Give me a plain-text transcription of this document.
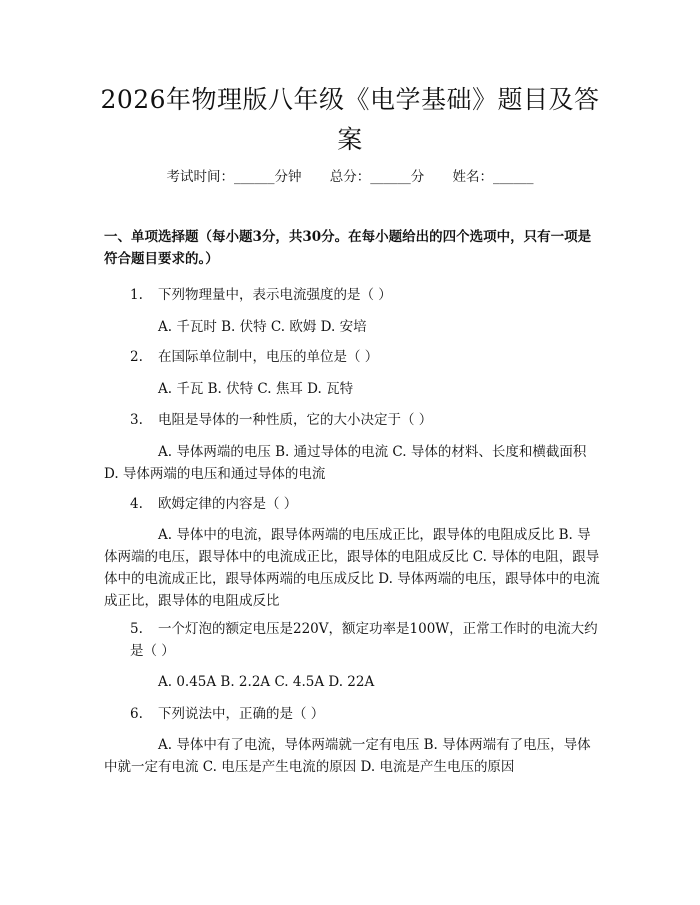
2026年物理版八年级《电学基础》题目及答案
考试时间：______分钟 总分：______分 姓名：______
一、单项选择题（每小题3分，共30分。在每小题给出的四个选项中，只有一项是符合题目要求的。）
1. 下列物理量中，表示电流强度的是（ ）
A. 千瓦时 B. 伏特 C. 欧姆 D. 安培
2. 在国际单位制中，电压的单位是（ ）
A. 千瓦 B. 伏特 C. 焦耳 D. 瓦特
3. 电阻是导体的一种性质，它的大小决定于（ ）
A. 导体两端的电压 B. 通过导体的电流 C. 导体的材料、长度和横截面积 D. 导体两端的电压和通过导体的电流
4. 欧姆定律的内容是（ ）
A. 导体中的电流，跟导体两端的电压成正比，跟导体的电阻成反比 B. 导体两端的电压，跟导体中的电流成正比，跟导体的电阻成反比 C. 导体的电阻，跟导体中的电流成正比，跟导体两端的电压成反比 D. 导体两端的电压，跟导体中的电流成正比，跟导体的电阻成反比
5. 一个灯泡的额定电压是220V，额定功率是100W，正常工作时的电流大约是（ ）
A. 0.45A B. 2.2A C. 4.5A D. 22A
6. 下列说法中，正确的是（ ）
A. 导体中有了电流，导体两端就一定有电压 B. 导体两端有了电压，导体中就一定有电流 C. 电压是产生电流的原因 D. 电流是产生电压的原因
